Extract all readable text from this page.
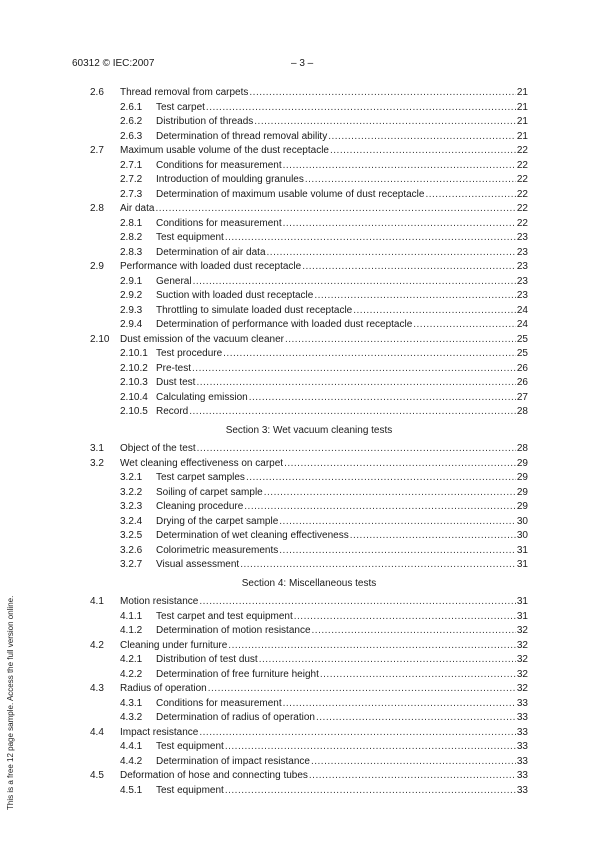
60312 © IEC:2007	– 3 –
2.6	Thread removal from carpets .....	21
2.6.1	Test carpet .....	21
2.6.2	Distribution of threads .....	21
2.6.3	Determination of thread removal ability .....	21
2.7	Maximum usable volume of the dust receptacle .....	22
2.7.1	Conditions for measurement .....	22
2.7.2	Introduction of moulding granules .....	22
2.7.3	Determination of maximum usable volume of dust receptacle .....	22
2.8	Air data .....	22
2.8.1	Conditions for measurement .....	22
2.8.2	Test equipment .....	23
2.8.3	Determination of air data .....	23
2.9	Performance with loaded dust receptacle .....	23
2.9.1	General .....	23
2.9.2	Suction with loaded dust receptacle .....	23
2.9.3	Throttling to simulate loaded dust receptacle .....	24
2.9.4	Determination of performance with loaded dust receptacle .....	24
2.10	Dust emission of the vacuum cleaner .....	25
2.10.1 Test procedure .....	25
2.10.2 Pre-test .....	26
2.10.3 Dust test .....	26
2.10.4 Calculating emission .....	27
2.10.5 Record .....	28
Section 3: Wet vacuum cleaning tests
3.1	Object of the test .....	28
3.2	Wet cleaning effectiveness on carpet .....	29
3.2.1	Test carpet samples .....	29
3.2.2	Soiling of carpet sample .....	29
3.2.3	Cleaning procedure .....	29
3.2.4	Drying of the carpet sample .....	30
3.2.5	Determination of wet cleaning effectiveness .....	30
3.2.6	Colorimetric measurements .....	31
3.2.7	Visual assessment .....	31
Section 4: Miscellaneous tests
4.1	Motion resistance .....	31
4.1.1	Test carpet and test equipment .....	31
4.1.2	Determination of motion resistance .....	32
4.2	Cleaning under furniture .....	32
4.2.1	Distribution of test dust .....	32
4.2.2	Determination of free furniture height .....	32
4.3	Radius of operation .....	32
4.3.1	Conditions for measurement .....	33
4.3.2	Determination of radius of operation .....	33
4.4	Impact resistance .....	33
4.4.1	Test equipment .....	33
4.4.2	Determination of impact resistance .....	33
4.5	Deformation of hose and connecting tubes .....	33
4.5.1	Test equipment .....	33
This is a free 12 page sample. Access the full version online.
